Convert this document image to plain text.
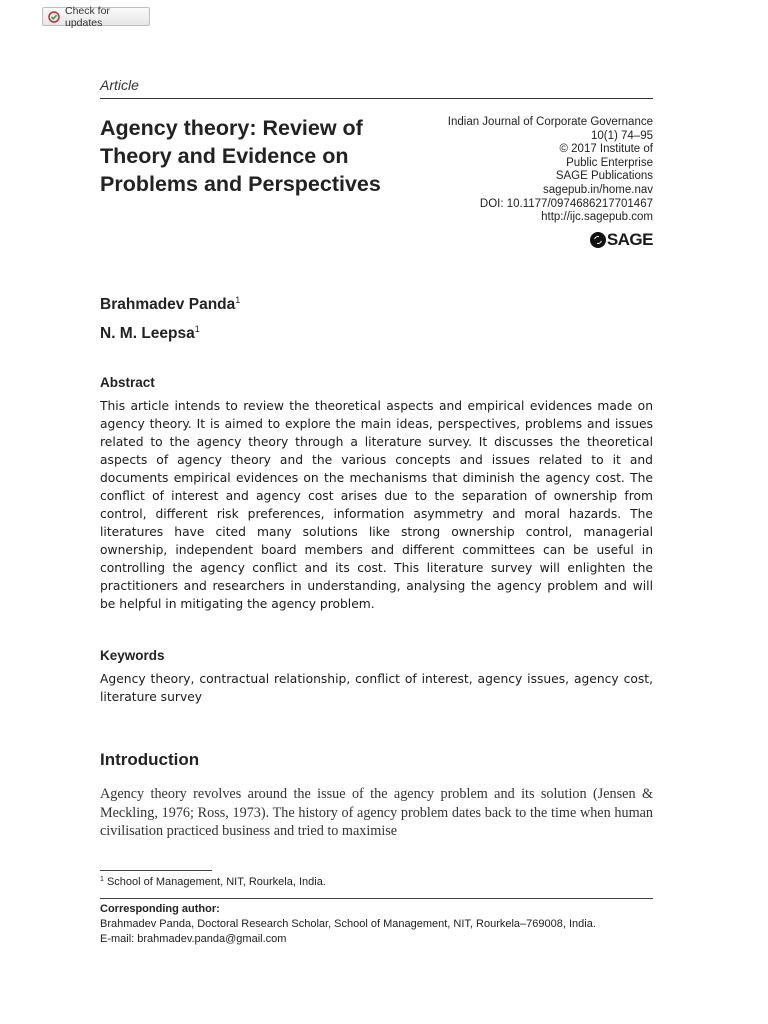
Check for updates
Article
Agency theory: Review of Theory and Evidence on Problems and Perspectives
Indian Journal of Corporate Governance
10(1) 74–95
© 2017 Institute of
Public Enterprise
SAGE Publications
sagepub.in/home.nav
DOI: 10.1177/0974686217701467
http://ijc.sagepub.com
SAGE
Brahmadev Panda$^1$
N. M. Leepsa$^1$
Abstract
This article intends to review the theoretical aspects and empirical evidences made on agency theory. It is aimed to explore the main ideas, perspectives, problems and issues related to the agency theory through a literature survey. It discusses the theoretical aspects of agency theory and the various concepts and issues related to it and documents empirical evidences on the mechanisms that diminish the agency cost. The conflict of interest and agency cost arises due to the separation of ownership from control, different risk preferences, information asymmetry and moral hazards. The literatures have cited many solutions like strong ownership control, managerial ownership, independent board members and different committees can be useful in controlling the agency conflict and its cost. This literature survey will enlighten the practitioners and researchers in understanding, analysing the agency problem and will be helpful in mitigating the agency problem.
Keywords
Agency theory, contractual relationship, conflict of interest, agency issues, agency cost, literature survey
Introduction
Agency theory revolves around the issue of the agency problem and its solution (Jensen & Meckling, 1976; Ross, 1973). The history of agency problem dates back to the time when human civilisation practiced business and tried to maximise
$^1$ School of Management, NIT, Rourkela, India.
Corresponding author:
Brahmadev Panda, Doctoral Research Scholar, School of Management, NIT, Rourkela–769008, India.
E-mail: brahmadev.panda@gmail.com
